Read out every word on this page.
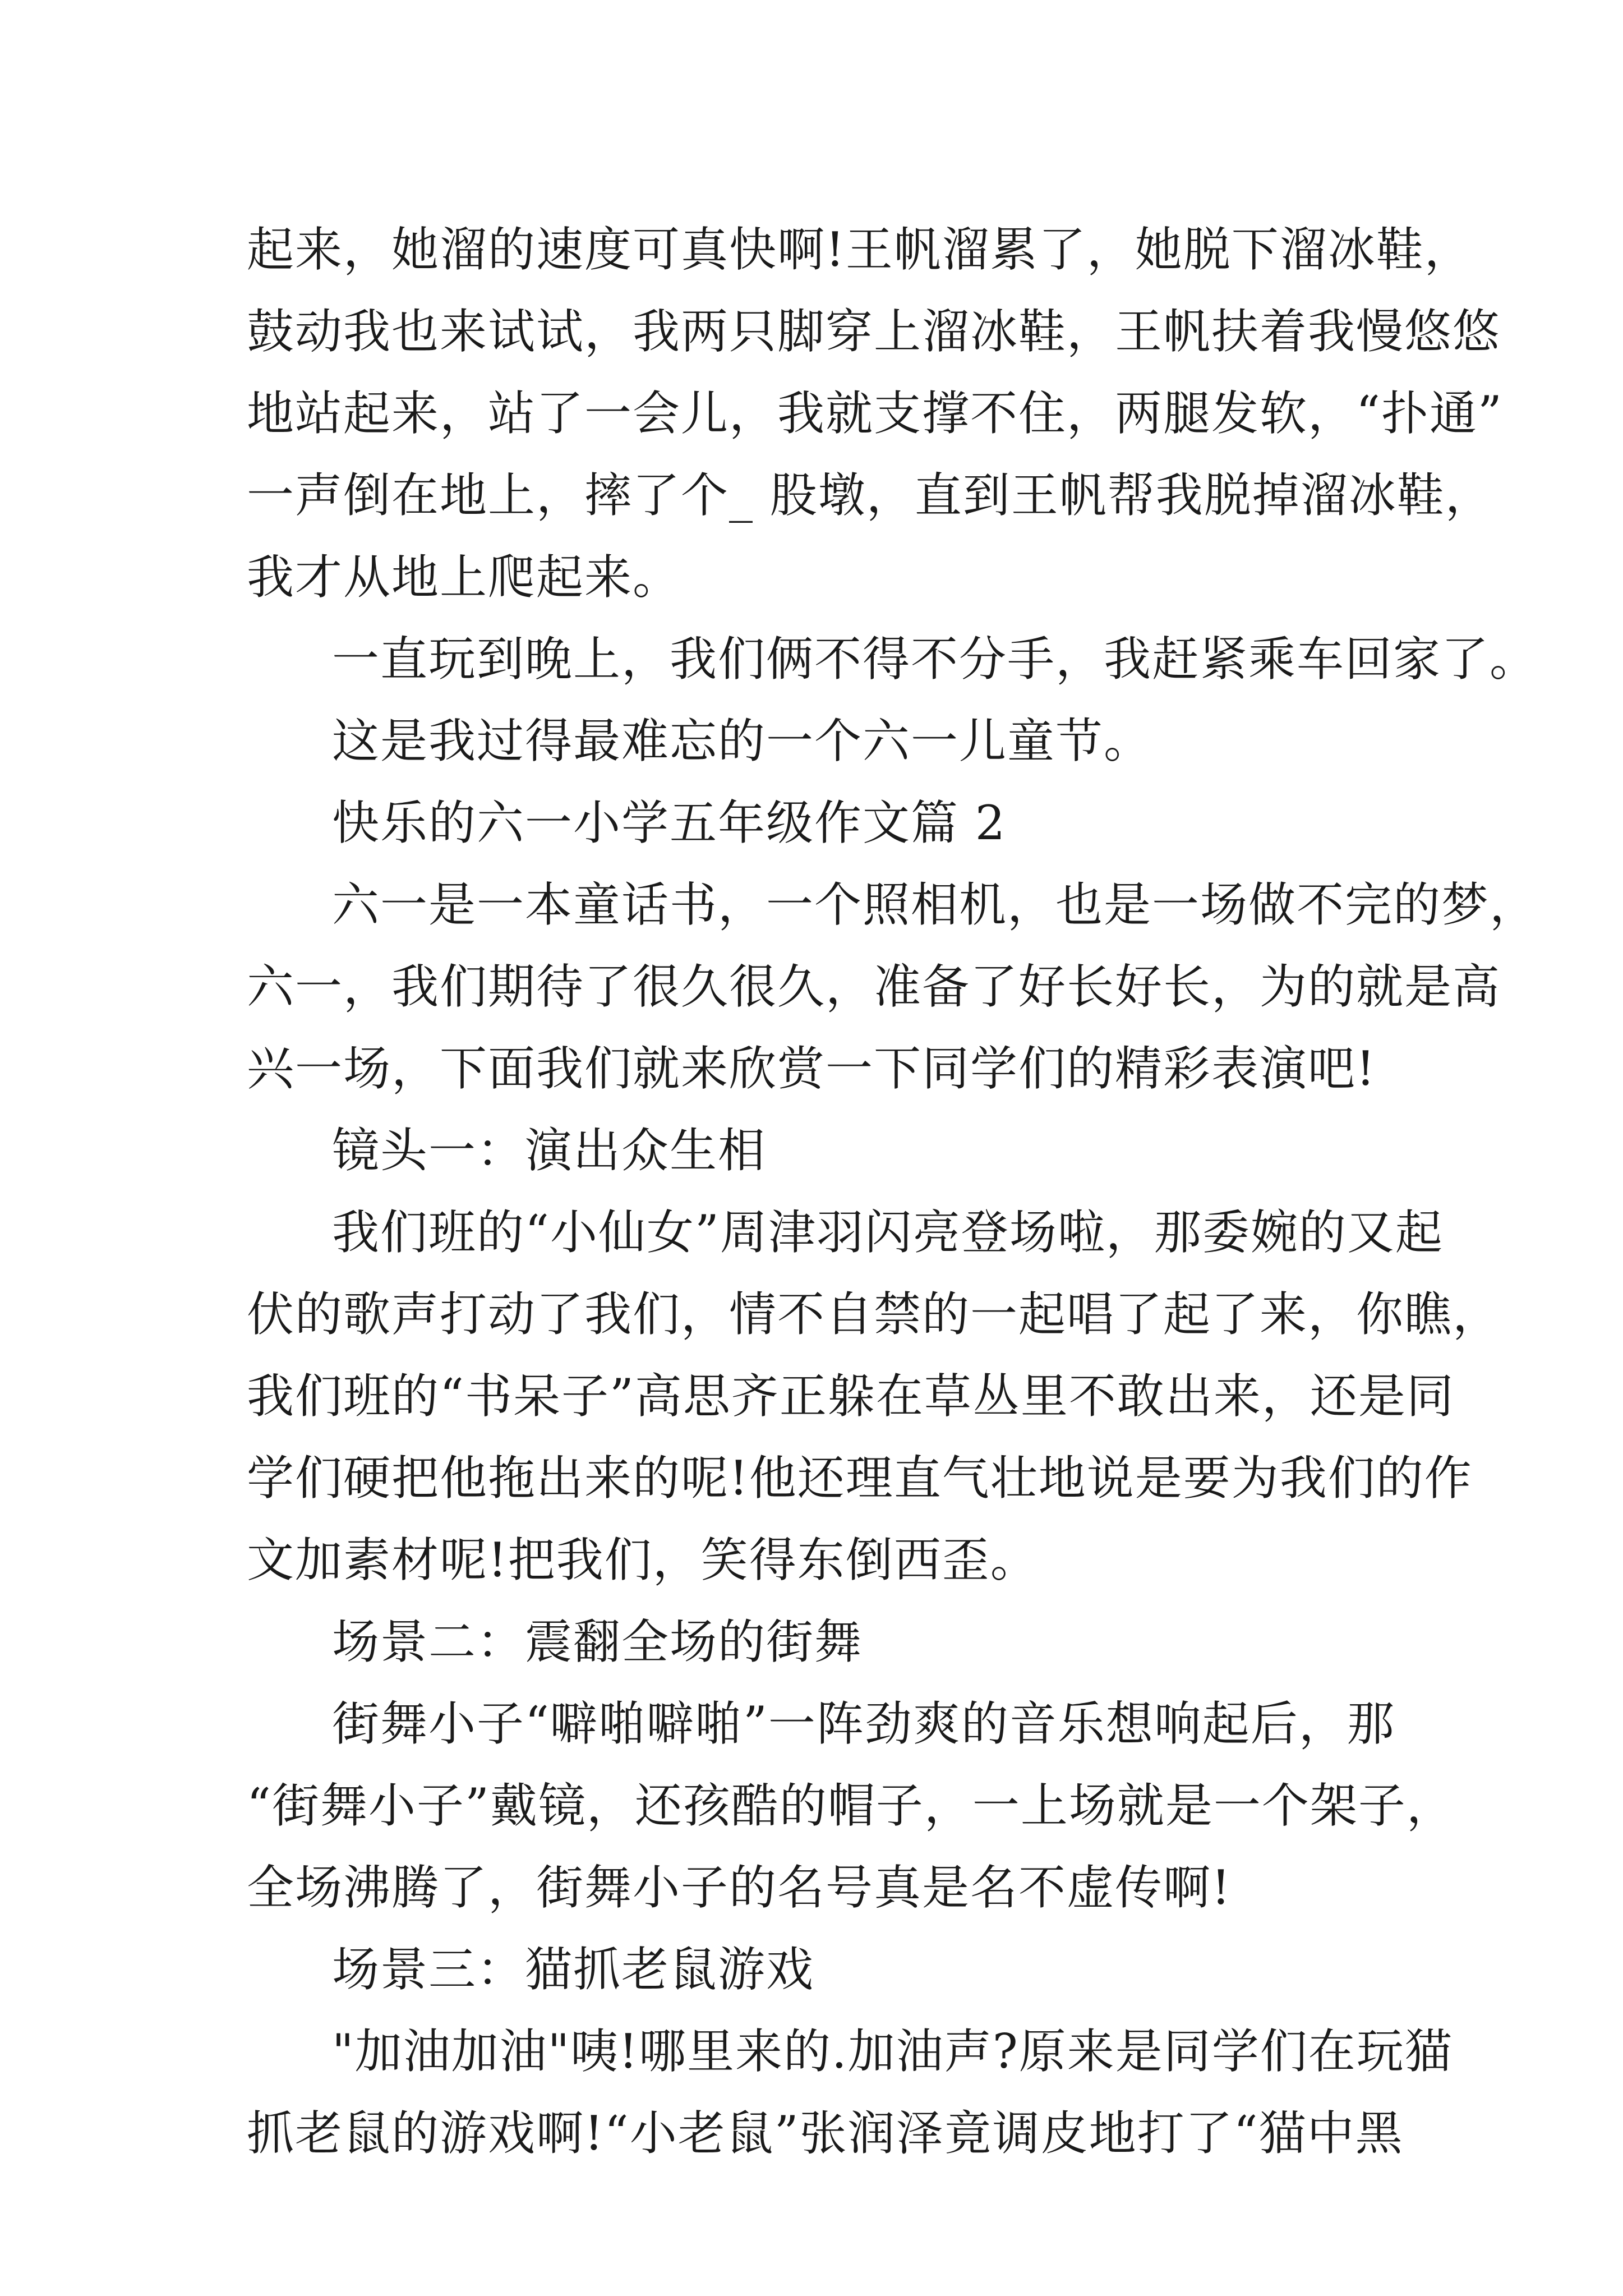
起来，她溜的速度可真快啊!王帆溜累了，她脱下溜冰鞋，
鼓动我也来试试，我两只脚穿上溜冰鞋，王帆扶着我慢悠悠
地站起来，站了一会儿，我就支撑不住，两腿发软，“扑通”
一声倒在地上，摔了个_ 股墩，直到王帆帮我脱掉溜冰鞋，
我才从地上爬起来。
一直玩到晚上，我们俩不得不分手，我赶紧乘车回家了。
这是我过得最难忘的一个六一儿童节。
快乐的六一小学五年级作文篇 2
六一是一本童话书，一个照相机，也是一场做不完的梦，
六一，我们期待了很久很久，准备了好长好长，为的就是高
兴一场，下面我们就来欣赏一下同学们的精彩表演吧!
镜头一：演出众生相
我们班的“小仙女”周津羽闪亮登场啦，那委婉的又起
伏的歌声打动了我们，情不自禁的一起唱了起了来，你瞧，
我们班的“书呆子”高思齐正躲在草丛里不敢出来，还是同
学们硬把他拖出来的呢!他还理直气壮地说是要为我们的作
文加素材呢!把我们，笑得东倒西歪。
场景二：震翻全场的街舞
街舞小子“噼啪噼啪”一阵劲爽的音乐想响起后，那
“街舞小子”戴镜，还孩酷的帽子，一上场就是一个架子，
全场沸腾了，街舞小子的名号真是名不虚传啊!
场景三：猫抓老鼠游戏
"加油加油"咦!哪里来的.加油声?原来是同学们在玩猫
抓老鼠的游戏啊!“小老鼠”张润泽竟调皮地打了“猫中黑
